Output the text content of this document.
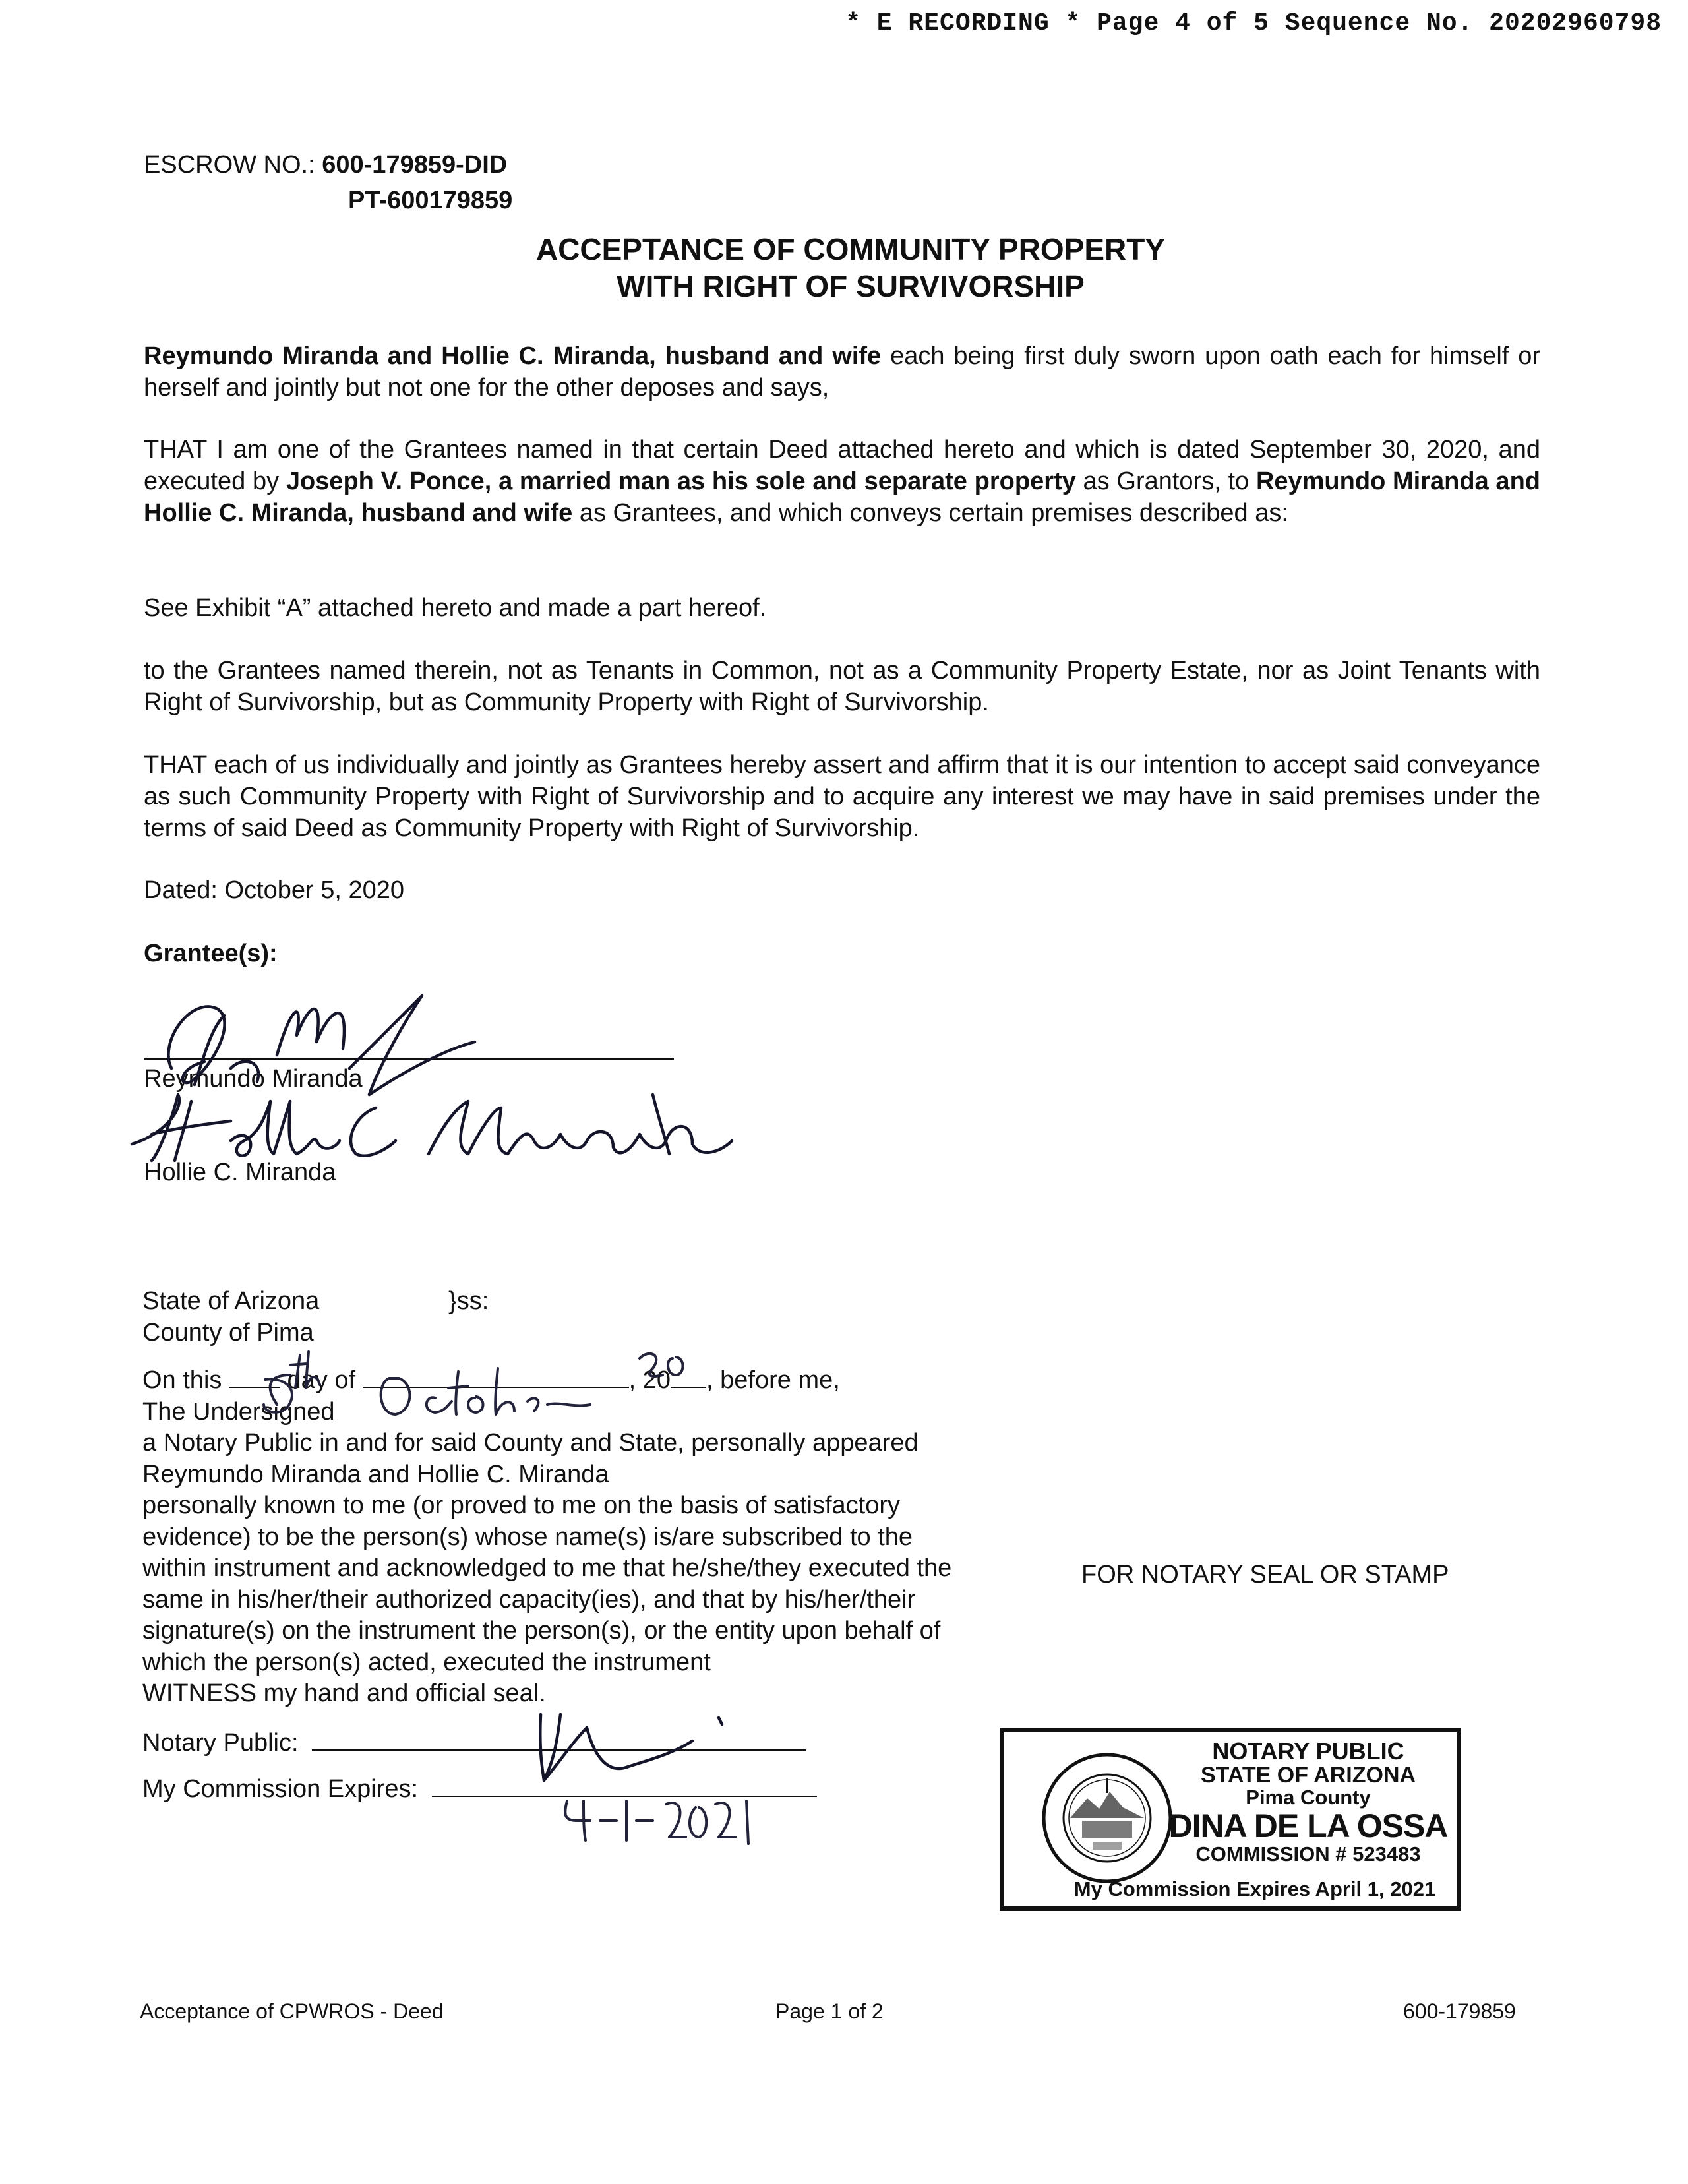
* E RECORDING * Page 4 of 5 Sequence No. 20202960798
ESCROW NO.: 600-179859-DID
PT-600179859
ACCEPTANCE OF COMMUNITY PROPERTY
WITH RIGHT OF SURVIVORSHIP
Reymundo Miranda and Hollie C. Miranda, husband and wife each being first duly sworn upon oath each for himself or herself and jointly but not one for the other deposes and says,
THAT I am one of the Grantees named in that certain Deed attached hereto and which is dated September 30, 2020, and executed by Joseph V. Ponce, a married man as his sole and separate property as Grantors, to Reymundo Miranda and Hollie C. Miranda, husband and wife as Grantees, and which conveys certain premises described as:
See Exhibit “A” attached hereto and made a part hereof.
to the Grantees named therein, not as Tenants in Common, not as a Community Property Estate, nor as Joint Tenants with Right of Survivorship, but as Community Property with Right of Survivorship.
THAT each of us individually and jointly as Grantees hereby assert and affirm that it is our intention to accept said conveyance as such Community Property with Right of Survivorship and to acquire any interest we may have in said premises under the terms of said Deed as Community Property with Right of Survivorship.
Dated: October 5, 2020
Grantee(s):
Reymundo Miranda
Hollie C. Miranda
State of Arizona	}ss:
County of Pima
On this	day of	, 20 , before me,
The Undersigned
a Notary Public in and for said County and State, personally appeared
Reymundo Miranda and Hollie C. Miranda
personally known to me (or proved to me on the basis of satisfactory
evidence) to be the person(s) whose name(s) is/are subscribed to the
within instrument and acknowledged to me that he/she/they executed the
same in his/her/their authorized capacity(ies), and that by his/her/their
signature(s) on the instrument the person(s), or the entity upon behalf of
which the person(s) acted, executed the instrument
WITNESS my hand and official seal.
Notary Public:
My Commission Expires:
FOR NOTARY SEAL OR STAMP
NOTARY PUBLIC
STATE OF ARIZONA
Pima County
DINA DE LA OSSA
COMMISSION # 523483
My Commission Expires April 1, 2021
Acceptance of CPWROS - Deed	Page 1 of 2	600-179859
